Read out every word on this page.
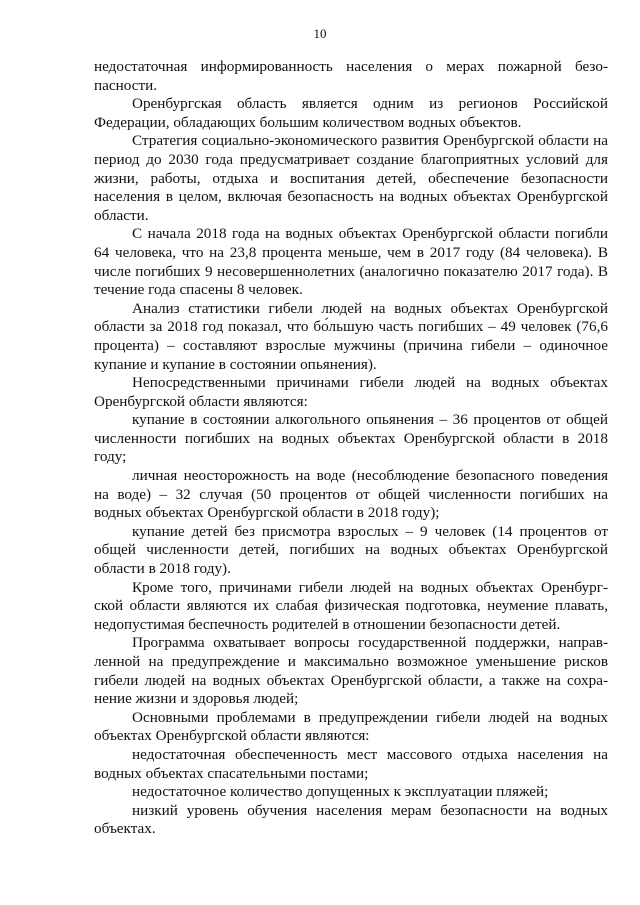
10

недостаточная информированность населения о мерах пожарной безо-пасности.

Оренбургская область является одним из регионов Российской Федерации, обладающих большим количеством водных объектов.

Стратегия социально-экономического развития Оренбургской области на период до 2030 года предусматривает создание благоприятных условий для жизни, работы, отдыха и воспитания детей, обеспечение безопасности населения в целом, включая безопасность на водных объектах Оренбургской области.

С начала 2018 года на водных объектах Оренбургской области погибли 64 человека, что на 23,8 процента меньше, чем в 2017 году (84 человека). В числе погибших 9 несовершеннолетних (аналогично показателю 2017 года). В течение года спасены 8 человек.

Анализ статистики гибели людей на водных объектах Оренбургской области за 2018 год показал, что бо́льшую часть погибших – 49 человек (76,6 процента) – составляют взрослые мужчины (причина гибели – одиночное купание и купание в состоянии опьянения).

Непосредственными причинами гибели людей на водных объектах Оренбургской области являются:

купание в состоянии алкогольного опьянения – 36 процентов от общей численности погибших на водных объектах Оренбургской области в 2018 году;

личная неосторожность на воде (несоблюдение безопасного поведения на воде) – 32 случая (50 процентов от общей численности погибших на водных объектах Оренбургской области в 2018 году);

купание детей без присмотра взрослых – 9 человек (14 процентов от общей численности детей, погибших на водных объектах Оренбургской области в 2018 году).

Кроме того, причинами гибели людей на водных объектах Оренбург-ской области являются их слабая физическая подготовка, неумение плавать, недопустимая беспечность родителей в отношении безопасности детей.

Программа охватывает вопросы государственной поддержки, направ-ленной на предупреждение и максимально возможное уменьшение рисков гибели людей на водных объектах Оренбургской области, а также на сохра-нение жизни и здоровья людей;

Основными проблемами в предупреждении гибели людей на водных объектах Оренбургской области являются:

недостаточная обеспеченность мест массового отдыха населения на водных объектах спасательными постами;

недостаточное количество допущенных к эксплуатации пляжей;

низкий уровень обучения населения мерам безопасности на водных объектах.
